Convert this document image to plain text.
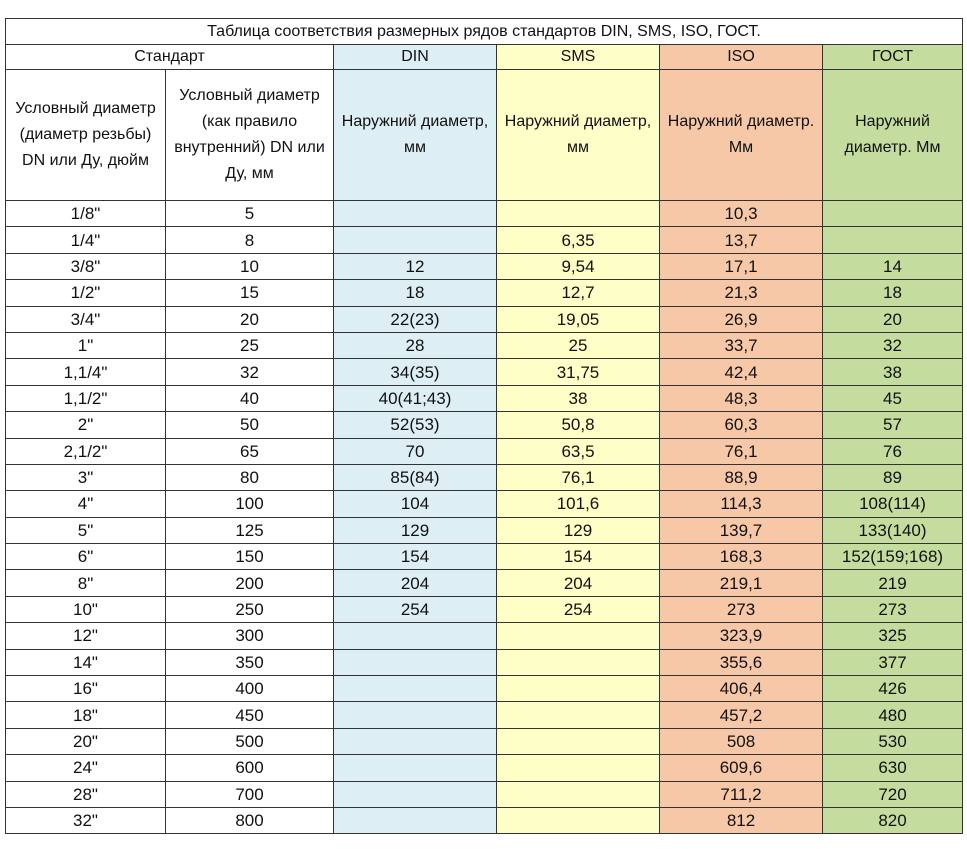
Таблица соответствия размерных рядов стандартов DIN, SMS, ISO, ГОСТ.					
Стандарт		DIN	SMS	ISO	ГОСТ
Условный диаметр (диаметр резьбы) DN или Ду, дюйм	Условный диаметр (как правило внутренний) DN или Ду, мм	Наружний диаметр, мм	Наружний диаметр, мм	Наружний диаметр. Мм	Наружний диаметр. Мм
1/8"	5			10,3	
1/4"	8		6,35	13,7	
3/8"	10	12	9,54	17,1	14
1/2"	15	18	12,7	21,3	18
3/4"	20	22(23)	19,05	26,9	20
1"	25	28	25	33,7	32
1,1/4"	32	34(35)	31,75	42,4	38
1,1/2"	40	40(41;43)	38	48,3	45
2"	50	52(53)	50,8	60,3	57
2,1/2"	65	70	63,5	76,1	76
3"	80	85(84)	76,1	88,9	89
4"	100	104	101,6	114,3	108(114)
5"	125	129	129	139,7	133(140)
6"	150	154	154	168,3	152(159;168)
8"	200	204	204	219,1	219
10"	250	254	254	273	273
12"	300			323,9	325
14"	350			355,6	377
16"	400			406,4	426
18"	450			457,2	480
20"	500			508	530
24"	600			609,6	630
28"	700			711,2	720
32"	800			812	820
